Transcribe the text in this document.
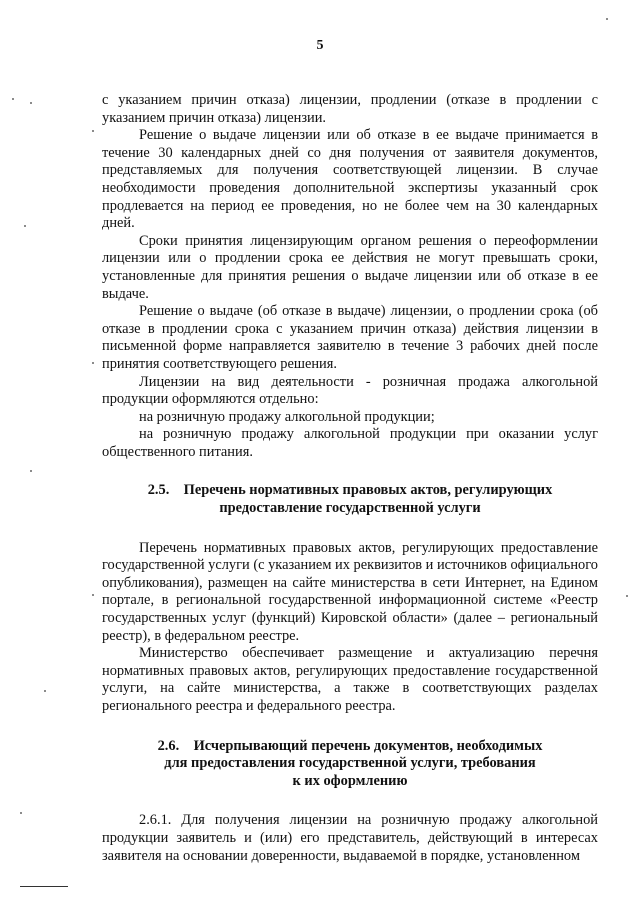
5

с указанием причин отказа) лицензии, продлении (отказе в продлении с указанием причин отказа) лицензии.

Решение о выдаче лицензии или об отказе в ее выдаче принимается в течение 30 календарных дней со дня получения от заявителя документов, представляемых для получения соответствующей лицензии. В случае необходимости проведения дополнительной экспертизы указанный срок продлевается на период ее проведения, но не более чем на 30 календарных дней.

Сроки принятия лицензирующим органом решения о переоформлении лицензии или о продлении срока ее действия не могут превышать сроки, установленные для принятия решения о выдаче лицензии или об отказе в ее выдаче.

Решение о выдаче (об отказе в выдаче) лицензии, о продлении срока (об отказе в продлении срока с указанием причин отказа) действия лицензии в письменной форме направляется заявителю в течение 3 рабочих дней после принятия соответствующего решения.

Лицензии на вид деятельности - розничная продажа алкогольной продукции оформляются отдельно:

на розничную продажу алкогольной продукции;

на розничную продажу алкогольной продукции при оказании услуг общественного питания.

2.5.    Перечень нормативных правовых актов, регулирующих
предоставление государственной услуги

Перечень нормативных правовых актов, регулирующих предоставление государственной услуги (с указанием их реквизитов и источников официального опубликования), размещен на сайте министерства в сети Интернет, на Едином портале, в региональной государственной информационной системе «Реестр государственных услуг (функций) Кировской области» (далее – региональный реестр), в федеральном реестре.

Министерство обеспечивает размещение и актуализацию перечня нормативных правовых актов, регулирующих предоставление государственной услуги, на сайте министерства, а также в соответствующих разделах регионального реестра и федерального реестра.

2.6.    Исчерпывающий перечень документов, необходимых
для предоставления государственной услуги, требования
к их оформлению

2.6.1. Для получения лицензии на розничную продажу алкогольной продукции заявитель и (или) его представитель, действующий в интересах заявителя на основании доверенности, выдаваемой в порядке, установленном
